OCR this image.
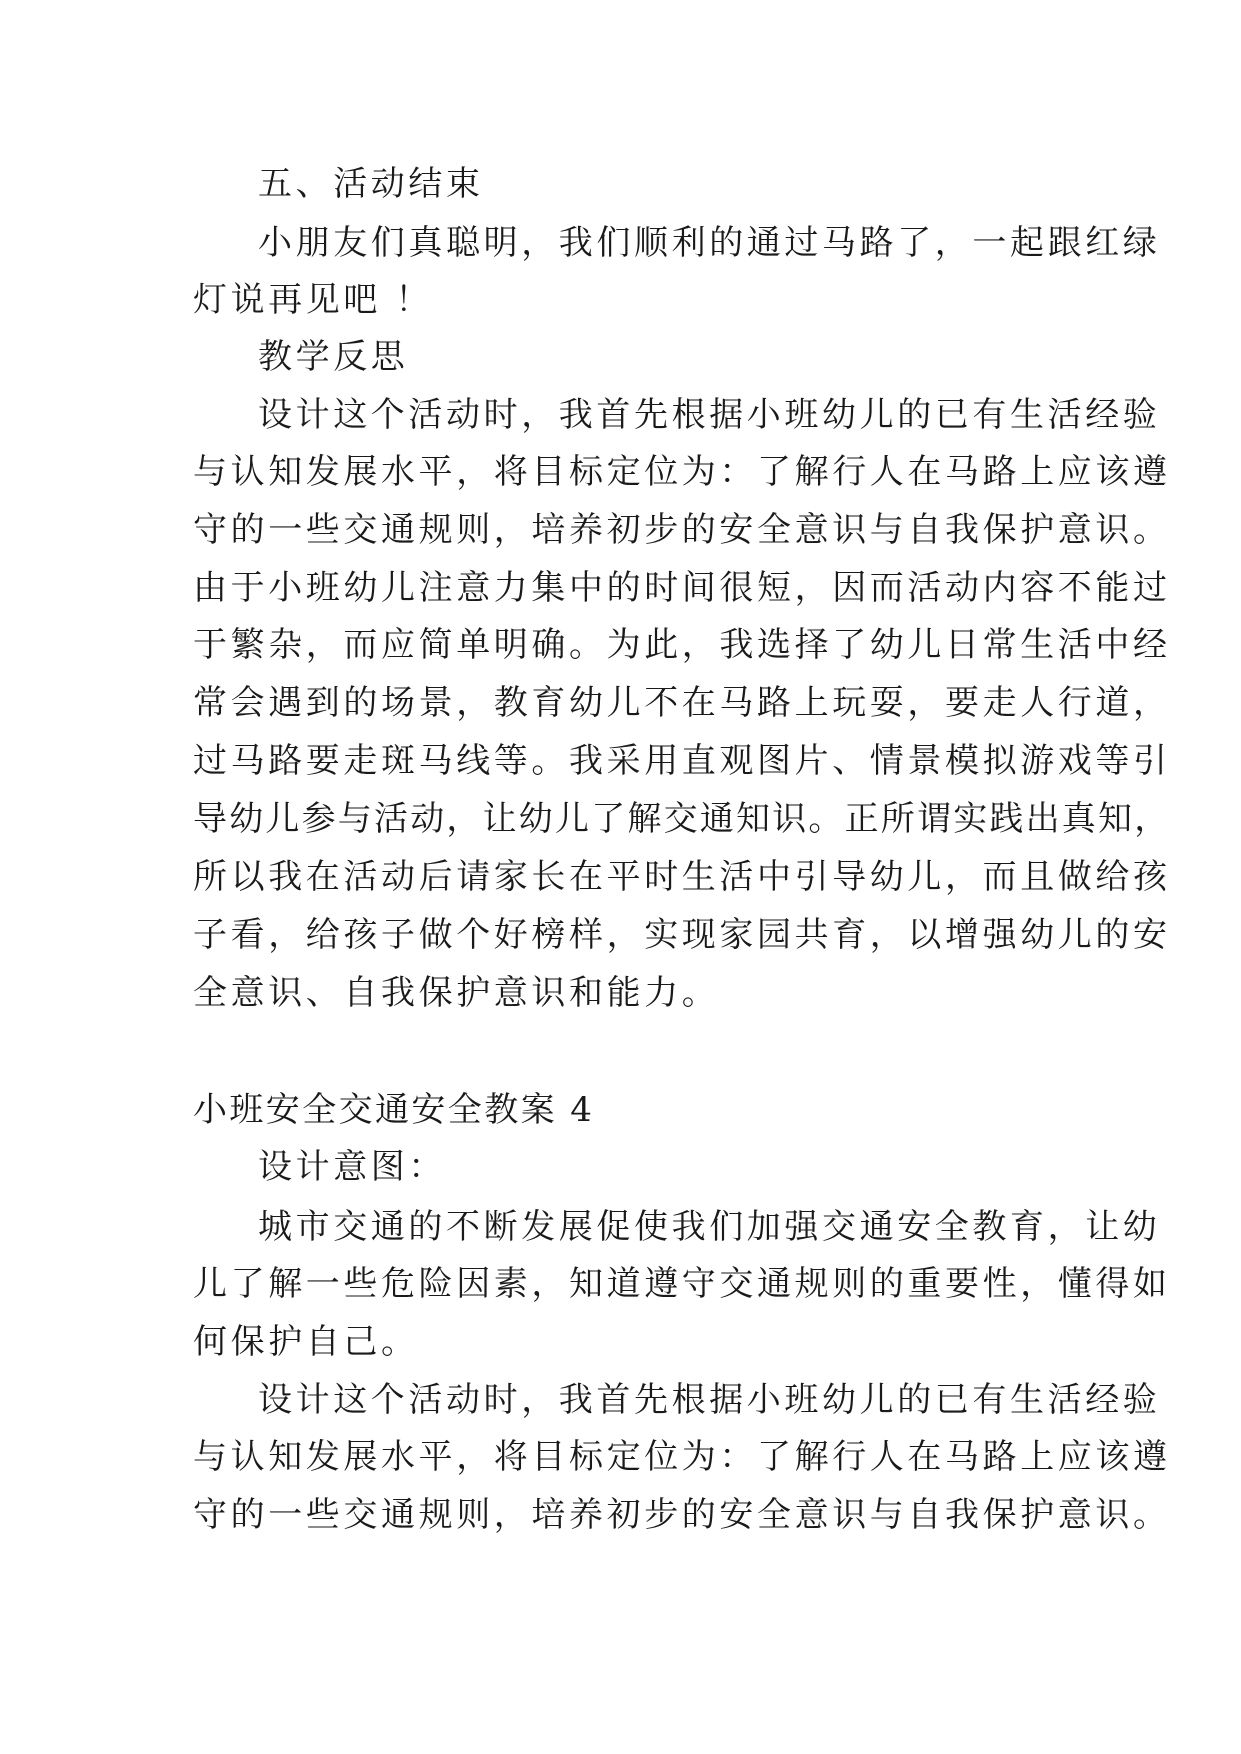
五、活动结束
小朋友们真聪明，我们顺利的通过马路了，一起跟红绿
灯说再见吧 ！
教学反思
设计这个活动时，我首先根据小班幼儿的已有生活经验
与认知发展水平，将目标定位为：了解行人在马路上应该遵
守的一些交通规则，培养初步的安全意识与自我保护意识。
由于小班幼儿注意力集中的时间很短，因而活动内容不能过
于繁杂，而应简单明确。为此，我选择了幼儿日常生活中经
常会遇到的场景，教育幼儿不在马路上玩耍，要走人行道，
过马路要走斑马线等。我采用直观图片、情景模拟游戏等引
导幼儿参与活动，让幼儿了解交通知识。正所谓实践出真知，
所以我在活动后请家长在平时生活中引导幼儿，而且做给孩
子看，给孩子做个好榜样，实现家园共育，以增强幼儿的安
全意识、自我保护意识和能力。
小班安全交通安全教案 4
设计意图：
城市交通的不断发展促使我们加强交通安全教育，让幼
儿了解一些危险因素，知道遵守交通规则的重要性，懂得如
何保护自己。
设计这个活动时，我首先根据小班幼儿的已有生活经验
与认知发展水平，将目标定位为：了解行人在马路上应该遵
守的一些交通规则，培养初步的安全意识与自我保护意识。
